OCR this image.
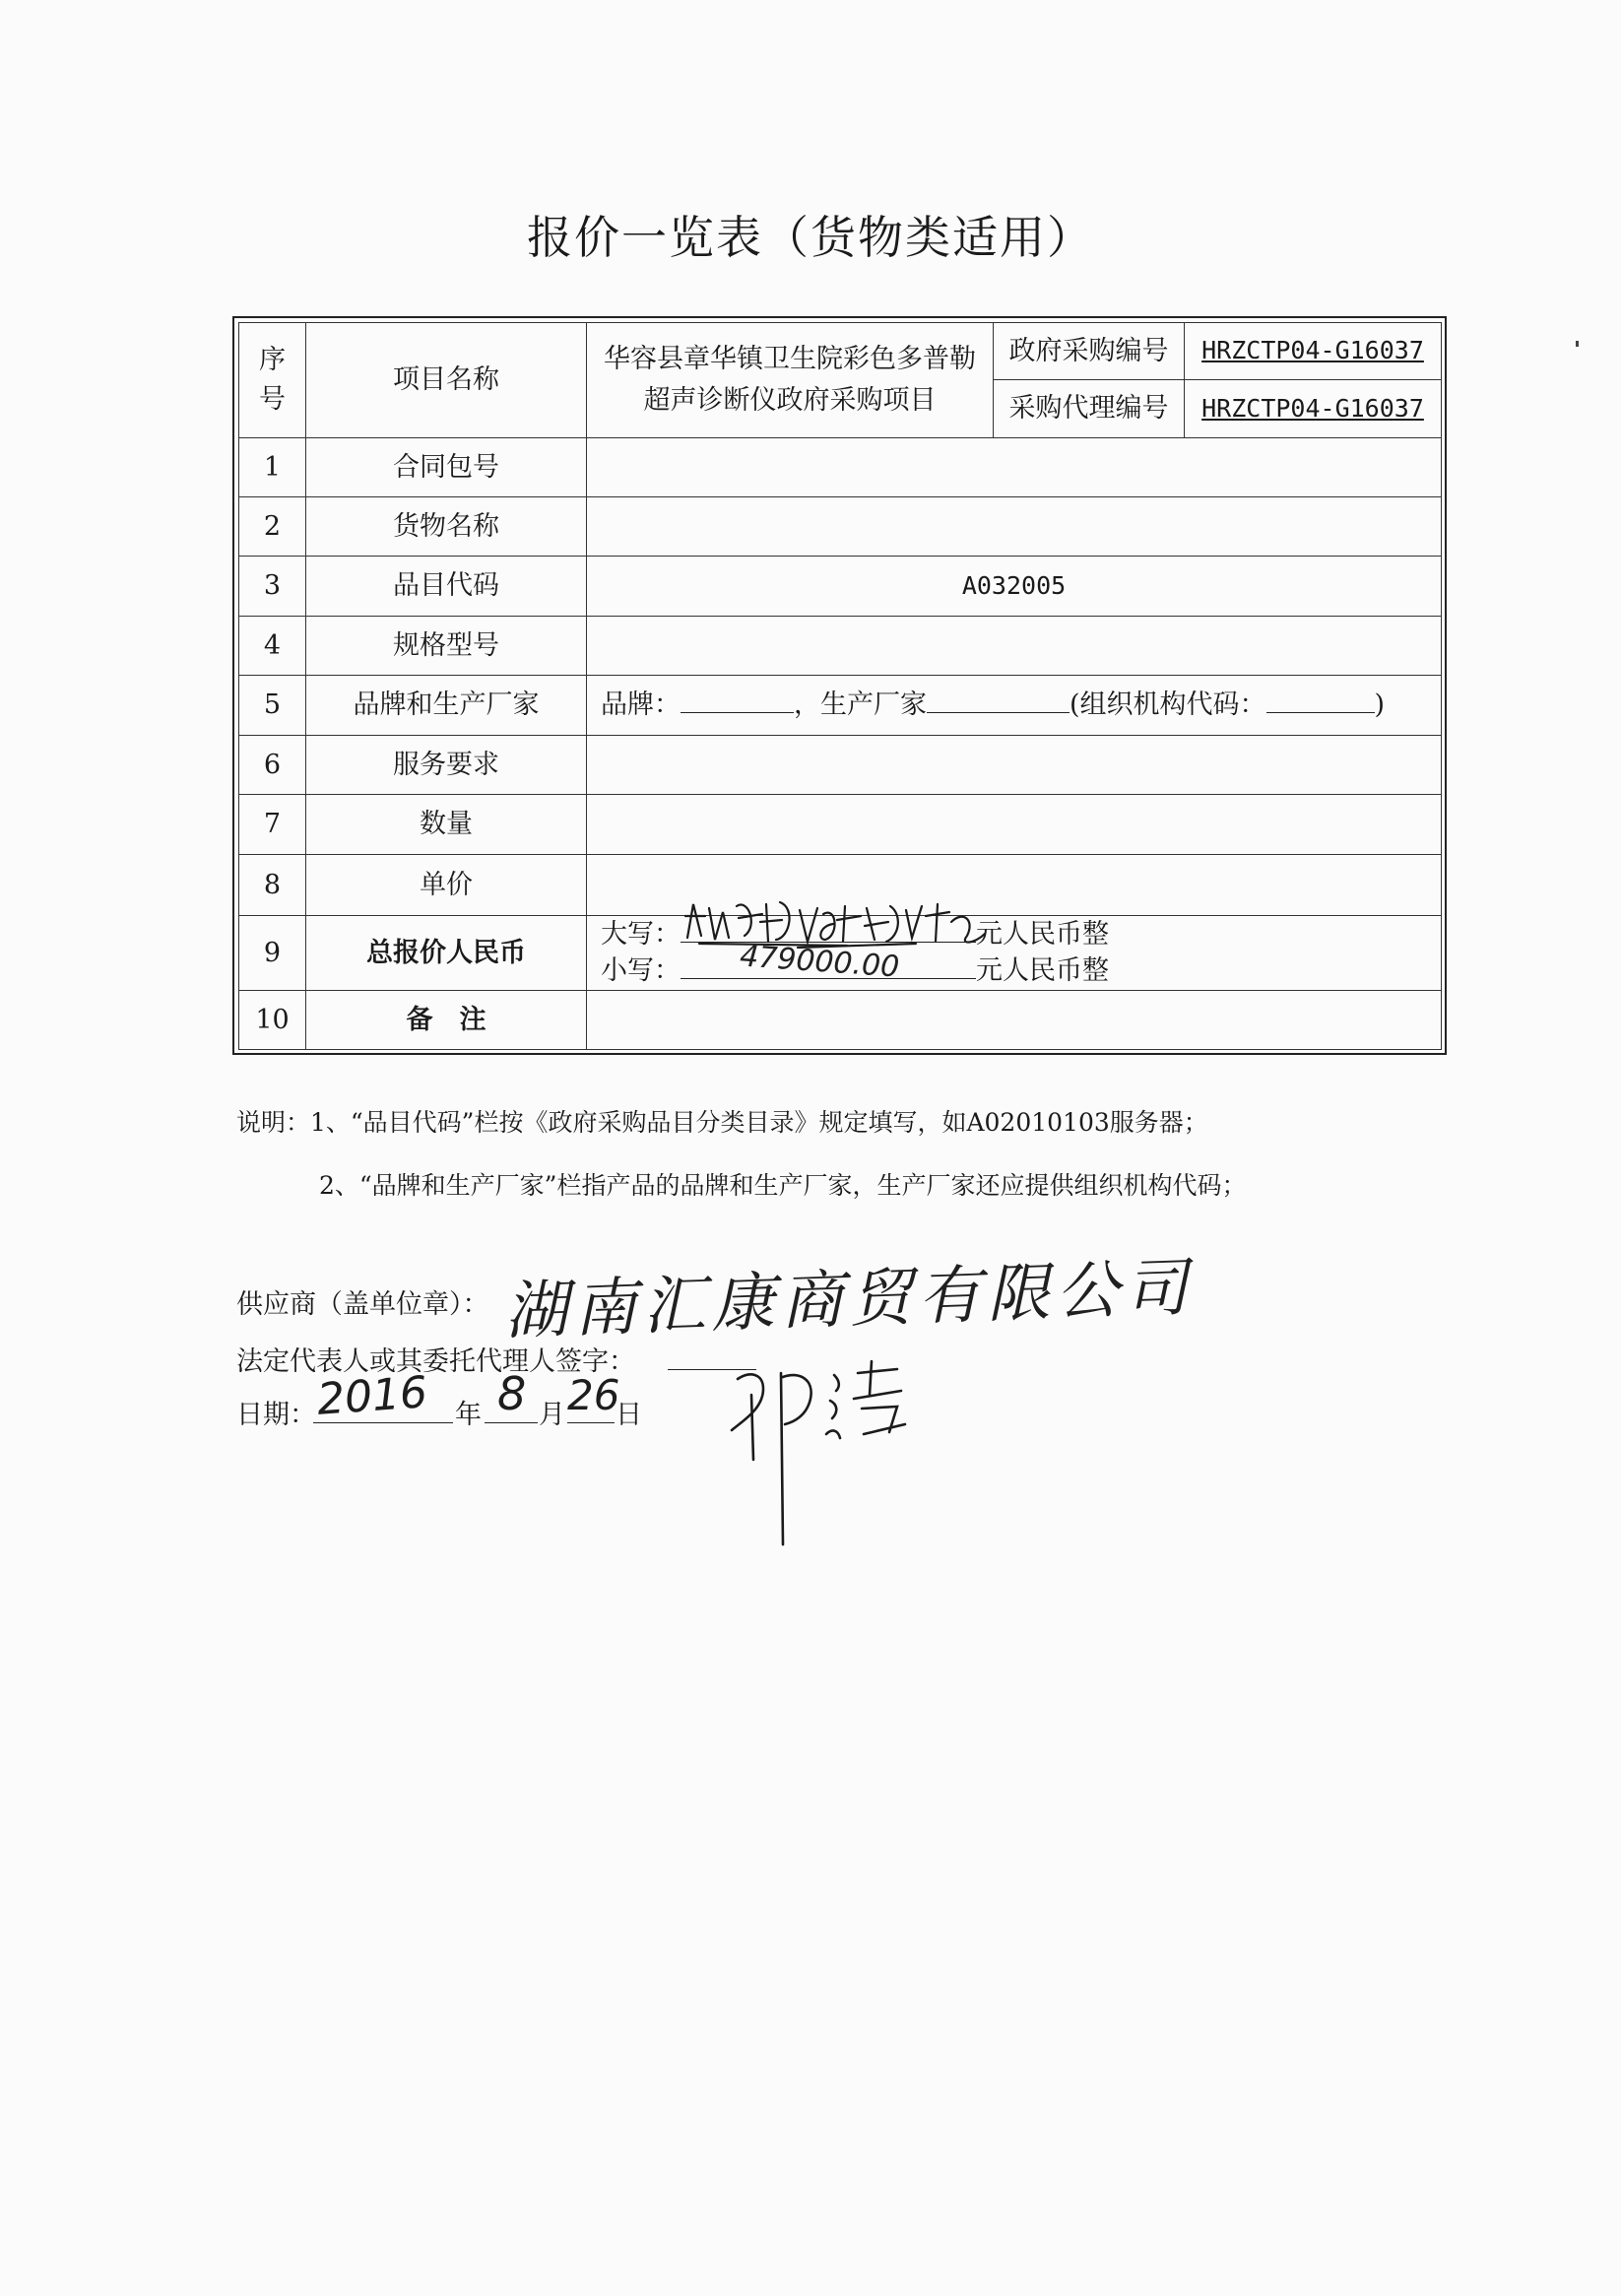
报价一览表（货物类适用）
序号	项目名称	华容县章华镇卫生院彩色多普勒超声诊断仪政府采购项目	政府采购编号	HRZCTP04-G16037
			采购代理编号	HRZCTP04-G16037
1	合同包号			
2	货物名称			
3	品目代码	A032005		
4	规格型号			
5	品牌和生产厂家	品牌： ，生产厂家 (组织机构代码： )		
6	服务要求			
7	数量			
8	单价			
9	总报价人民币	大写： 元人民币整
小写： 479000.00 元人民币整		

10	备　注			
说明：1、“品目代码”栏按《政府采购品目分类目录》规定填写，如A02010103服务器；
2、“品牌和生产厂家”栏指产品的品牌和生产厂家，生产厂家还应提供组织机构代码；
供应商（盖单位章）： 湖南汇康商贸有限公司
法定代表人或其委托代理人签字：
日期： 2016 年 8 月 26
日
